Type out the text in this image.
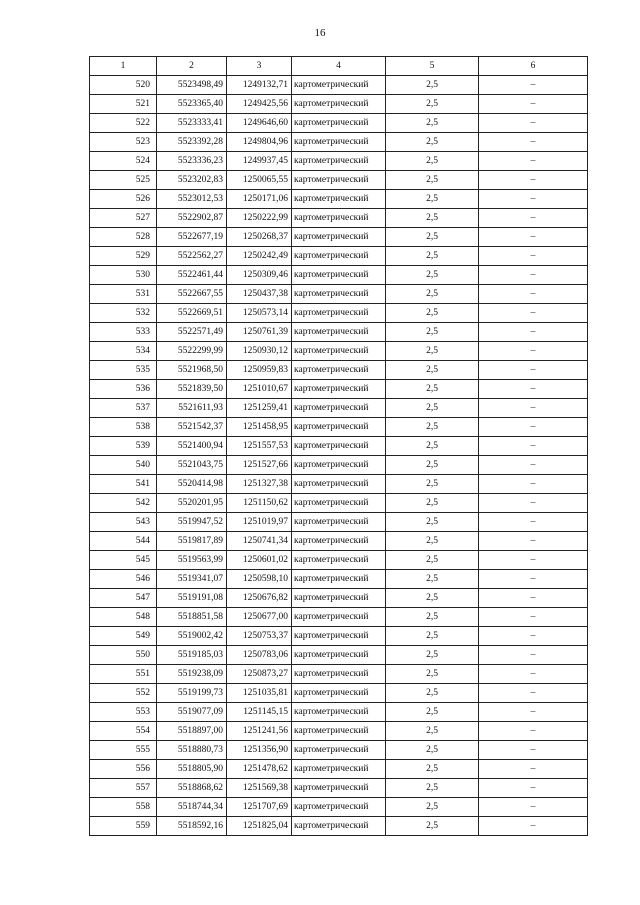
16
1	2	3	4	5	6
520	5523498,49	1249132,71	картометрический	2,5	–
521	5523365,40	1249425,56	картометрический	2,5	–
522	5523333,41	1249646,60	картометрический	2,5	–
523	5523392,28	1249804,96	картометрический	2,5	–
524	5523336,23	1249937,45	картометрический	2,5	–
525	5523202,83	1250065,55	картометрический	2,5	–
526	5523012,53	1250171,06	картометрический	2,5	–
527	5522902,87	1250222,99	картометрический	2,5	–
528	5522677,19	1250268,37	картометрический	2,5	–
529	5522562,27	1250242,49	картометрический	2,5	–
530	5522461,44	1250309,46	картометрический	2,5	–
531	5522667,55	1250437,38	картометрический	2,5	–
532	5522669,51	1250573,14	картометрический	2,5	–
533	5522571,49	1250761,39	картометрический	2,5	–
534	5522299,99	1250930,12	картометрический	2,5	–
535	5521968,50	1250959,83	картометрический	2,5	–
536	5521839,50	1251010,67	картометрический	2,5	–
537	5521611,93	1251259,41	картометрический	2,5	–
538	5521542,37	1251458,95	картометрический	2,5	–
539	5521400,94	1251557,53	картометрический	2,5	–
540	5521043,75	1251527,66	картометрический	2,5	–
541	5520414,98	1251327,38	картометрический	2,5	–
542	5520201,95	1251150,62	картометрический	2,5	–
543	5519947,52	1251019,97	картометрический	2,5	–
544	5519817,89	1250741,34	картометрический	2,5	–
545	5519563,99	1250601,02	картометрический	2,5	–
546	5519341,07	1250598,10	картометрический	2,5	–
547	5519191,08	1250676,82	картометрический	2,5	–
548	5518851,58	1250677,00	картометрический	2,5	–
549	5519002,42	1250753,37	картометрический	2,5	–
550	5519185,03	1250783,06	картометрический	2,5	–
551	5519238,09	1250873,27	картометрический	2,5	–
552	5519199,73	1251035,81	картометрический	2,5	–
553	5519077,09	1251145,15	картометрический	2,5	–
554	5518897,00	1251241,56	картометрический	2,5	–
555	5518880,73	1251356,90	картометрический	2,5	–
556	5518805,90	1251478,62	картометрический	2,5	–
557	5518868,62	1251569,38	картометрический	2,5	–
558	5518744,34	1251707,69	картометрический	2,5	–
559	5518592,16	1251825,04	картометрический	2,5	–
